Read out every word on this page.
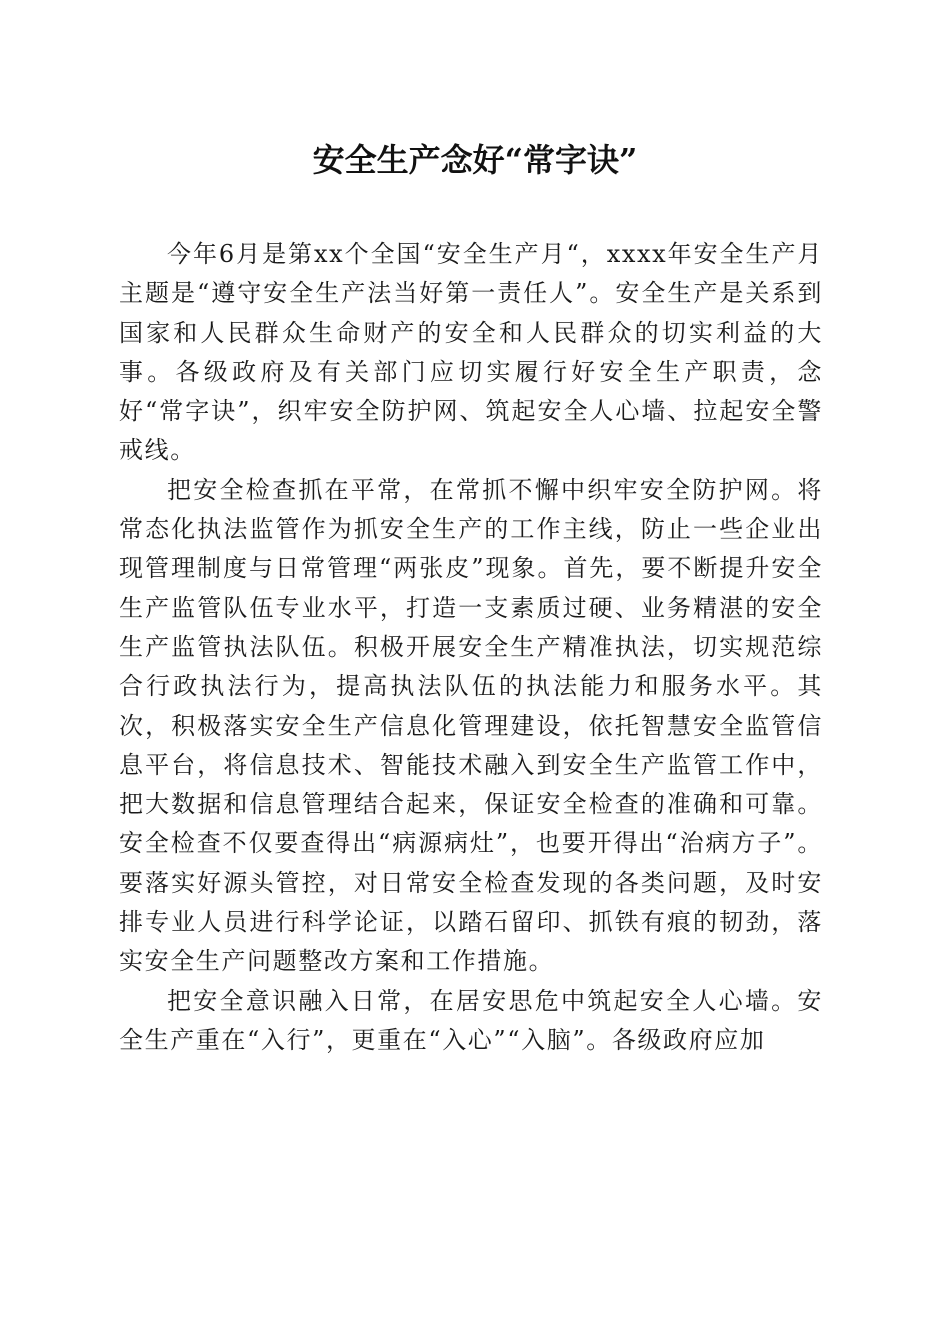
安全生产念好“常字诀”

今年6月是第xx个全国“安全生产月“，xxxx年安全生产月主题是“遵守安全生产法当好第一责任人”。安全生产是关系到国家和人民群众生命财产的安全和人民群众的切实利益的大事。各级政府及有关部门应切实履行好安全生产职责，念好“常字诀”，织牢安全防护网、筑起安全人心墙、拉起安全警戒线。

把安全检查抓在平常，在常抓不懈中织牢安全防护网。将常态化执法监管作为抓安全生产的工作主线，防止一些企业出现管理制度与日常管理“两张皮”现象。首先，要不断提升安全生产监管队伍专业水平，打造一支素质过硬、业务精湛的安全生产监管执法队伍。积极开展安全生产精准执法，切实规范综合行政执法行为，提高执法队伍的执法能力和服务水平。其次，积极落实安全生产信息化管理建设，依托智慧安全监管信息平台，将信息技术、智能技术融入到安全生产监管工作中，把大数据和信息管理结合起来，保证安全检查的准确和可靠。安全检查不仅要查得出“病源病灶”，也要开得出“治病方子”。要落实好源头管控，对日常安全检查发现的各类问题，及时安排专业人员进行科学论证，以踏石留印、抓铁有痕的韧劲，落实安全生产问题整改方案和工作措施。

把安全意识融入日常，在居安思危中筑起安全人心墙。安全生产重在“入行”，更重在“入心”“入脑”。各级政府应加
